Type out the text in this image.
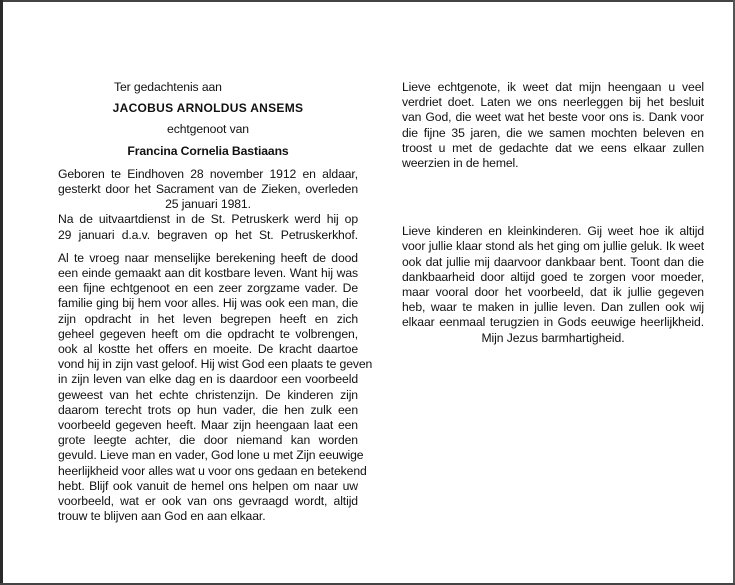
Ter gedachtenis aan
JACOBUS ARNOLDUS ANSEMS
echtgenoot van
Francina Cornelia Bastiaans
Geboren te Eindhoven 28 november 1912 en aldaar,
gesterkt door het Sacrament van de Zieken, overleden
25 januari 1981.
Na de uitvaartdienst in de St. Petruskerk werd hij op
29 januari d.a.v. begraven op het St. Petruskerkhof.
Al te vroeg naar menselijke berekening heeft de dood
een einde gemaakt aan dit kostbare leven. Want hij was
een fijne echtgenoot en een zeer zorgzame vader. De
familie ging bij hem voor alles. Hij was ook een man, die
zijn opdracht in het leven begrepen heeft en zich
geheel gegeven heeft om die opdracht te volbrengen,
ook al kostte het offers en moeite. De kracht daartoe
vond hij in zijn vast geloof. Hij wist God een plaats te geven
in zijn leven van elke dag en is daardoor een voorbeeld
geweest van het echte christenzijn. De kinderen zijn
daarom terecht trots op hun vader, die hen zulk een
voorbeeld gegeven heeft. Maar zijn heengaan laat een
grote leegte achter, die door niemand kan worden
gevuld. Lieve man en vader, God lone u met Zijn eeuwige
heerlijkheid voor alles wat u voor ons gedaan en betekend
hebt. Blijf ook vanuit de hemel ons helpen om naar uw
voorbeeld, wat er ook van ons gevraagd wordt, altijd
trouw te blijven aan God en aan elkaar.
Lieve echtgenote, ik weet dat mijn heengaan u veel
verdriet doet. Laten we ons neerleggen bij het besluit
van God, die weet wat het beste voor ons is. Dank voor
die fijne 35 jaren, die we samen mochten beleven en
troost u met de gedachte dat we eens elkaar zullen
weerzien in de hemel.
Lieve kinderen en kleinkinderen. Gij weet hoe ik altijd
voor jullie klaar stond als het ging om jullie geluk. Ik weet
ook dat jullie mij daarvoor dankbaar bent. Toont dan die
dankbaarheid door altijd goed te zorgen voor moeder,
maar vooral door het voorbeeld, dat ik jullie gegeven
heb, waar te maken in jullie leven. Dan zullen ook wij
elkaar eenmaal terugzien in Gods eeuwige heerlijkheid.
Mijn Jezus barmhartigheid.
